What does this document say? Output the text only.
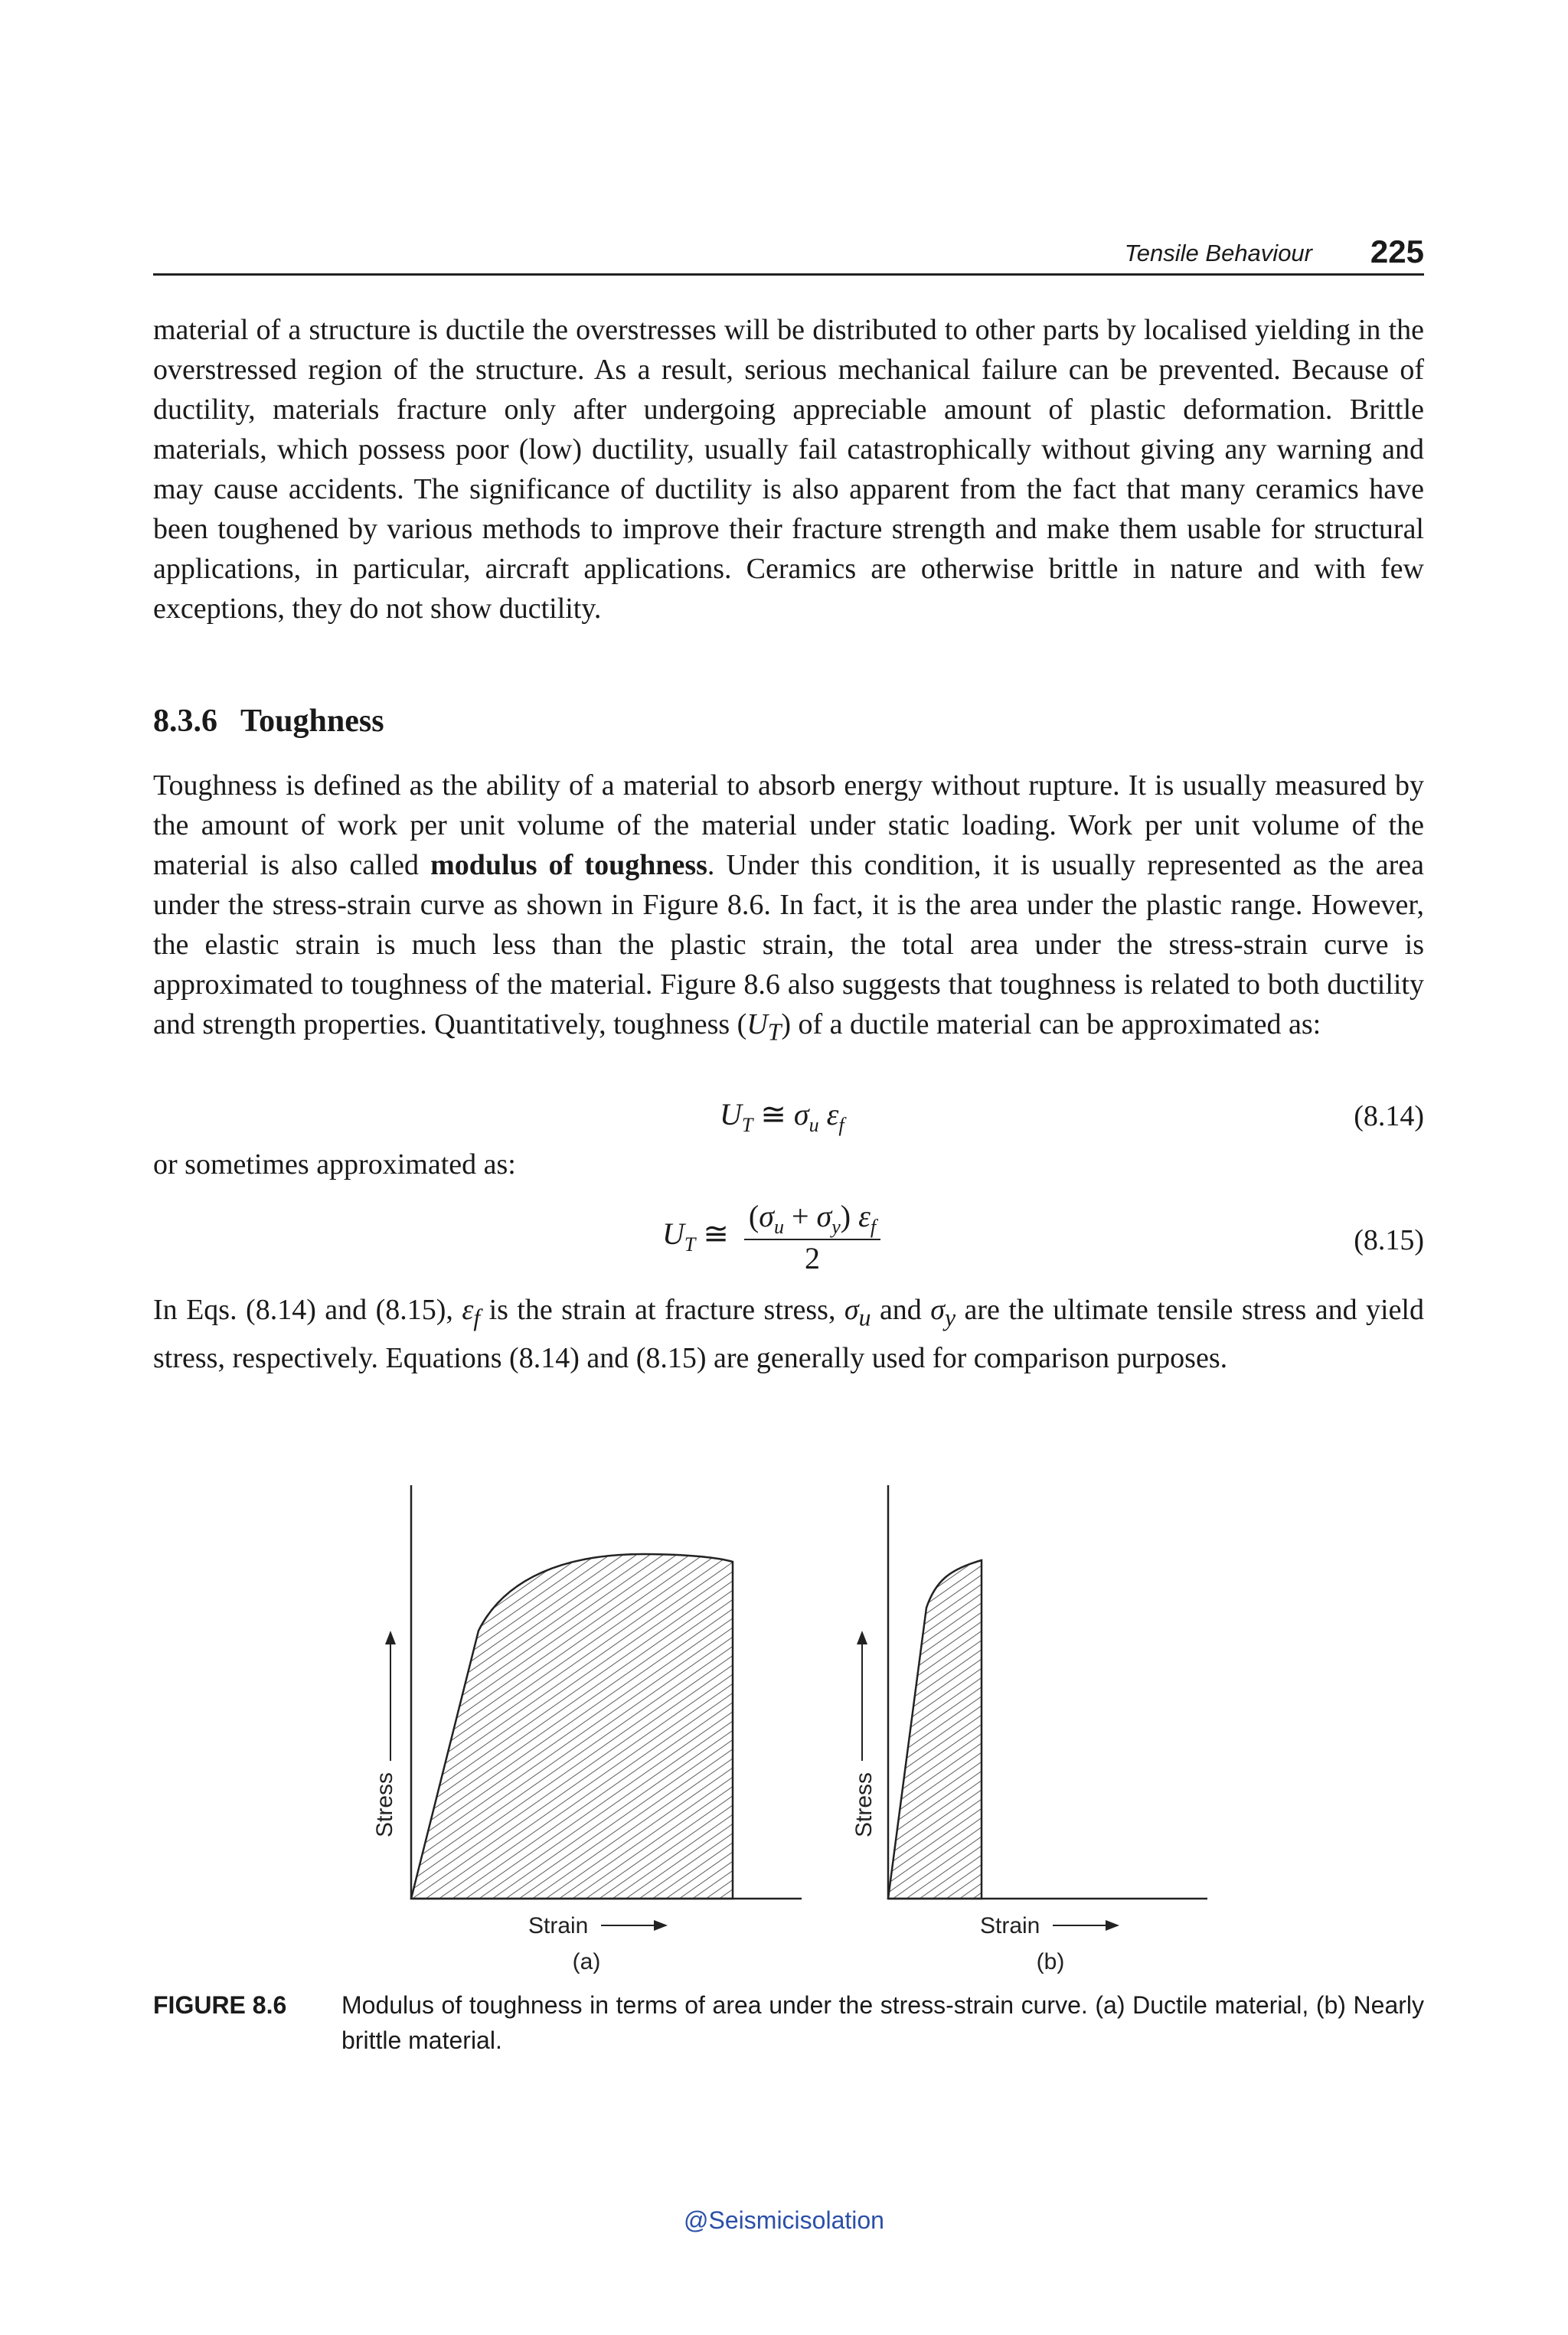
Tensile Behaviour 225

material of a structure is ductile the overstresses will be distributed to other parts by localised yielding in the overstressed region of the structure. As a result, serious mechanical failure can be prevented. Because of ductility, materials fracture only after undergoing appreciable amount of plastic deformation. Brittle materials, which possess poor (low) ductility, usually fail catastrophically without giving any warning and may cause accidents. The significance of ductility is also apparent from the fact that many ceramics have been toughened by various methods to improve their fracture strength and make them usable for structural applications, in particular, aircraft applications. Ceramics are otherwise brittle in nature and with few exceptions, they do not show ductility.

8.3.6 Toughness

Toughness is defined as the ability of a material to absorb energy without rupture. It is usually measured by the amount of work per unit volume of the material under static loading. Work per unit volume of the material is also called modulus of toughness. Under this condition, it is usually represented as the area under the stress-strain curve as shown in Figure 8.6. In fact, it is the area under the plastic range. However, the elastic strain is much less than the plastic strain, the total area under the stress-strain curve is approximated to toughness of the material. Figure 8.6 also suggests that toughness is related to both ductility and strength properties. Quantitatively, toughness $(U_T)$ of a ductile material can be approximated as:

$U_T$ ≅ $\sigma_u$ $\varepsilon_f$	(8.14)

or sometimes approximated as:

$U_T$ ≅ $\frac{(\sigma_u + \sigma_y) \varepsilon_f}{2}$	(8.15)

In Eqs. (8.14) and (8.15), $\varepsilon_f$ is the strain at fracture stress, $\sigma_u$ and $\sigma_y$ are the ultimate tensile stress and yield stress, respectively. Equations (8.14) and (8.15) are generally used for comparison purposes.

Stress
Strain
(a)
Stress
Strain
(b)
FIGURE 8.6 Modulus of toughness in terms of area under the stress-strain curve. (a) Ductile material, (b) Nearly brittle material.
@Seismicisolation
